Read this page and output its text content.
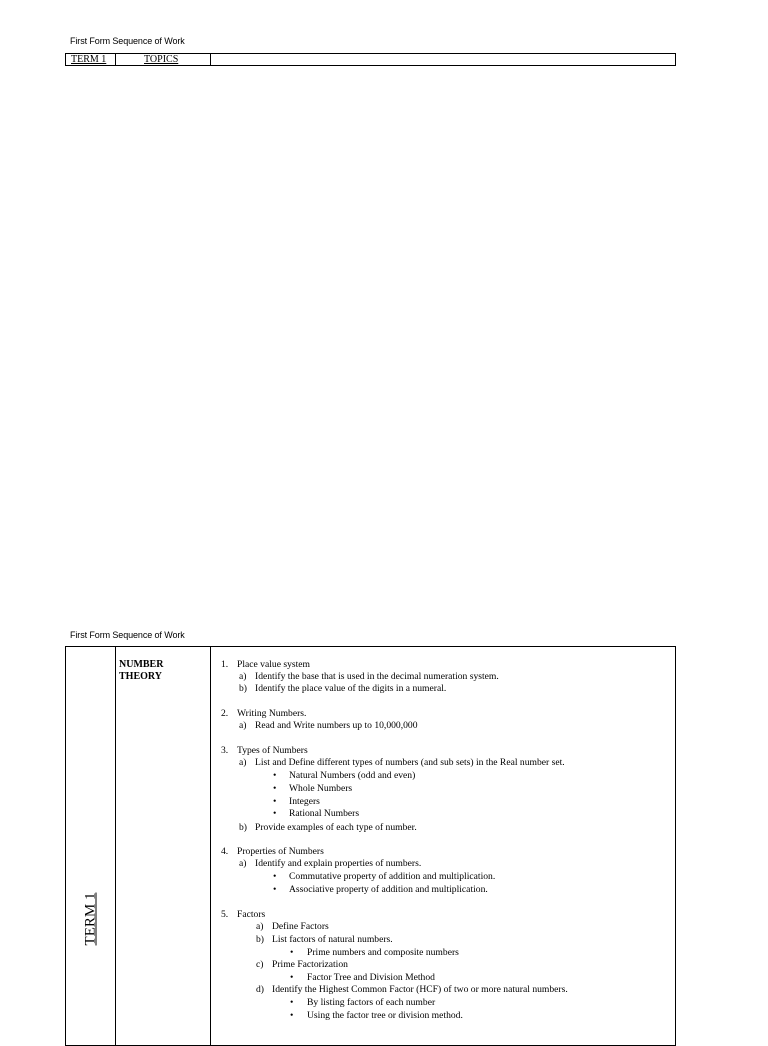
First Form Sequence of Work
TERM 1	TOPICS
First Form Sequence of Work
TERM 1
NUMBER
THEORY
1. Place value system
a) Identify the base that is used in the decimal numeration system.
b) Identify the place value of the digits in a numeral.
2. Writing Numbers.
a) Read and Write numbers up to 10,000,000
3. Types of Numbers
a) List and Define different types of numbers (and sub sets) in the Real number set.
• Natural Numbers (odd and even)
• Whole Numbers
• Integers
• Rational Numbers
b) Provide examples of each type of number.
4. Properties of Numbers
a) Identify and explain properties of numbers.
• Commutative property of addition and multiplication.
• Associative property of addition and multiplication.
5. Factors
a) Define Factors
b) List factors of natural numbers.
• Prime numbers and composite numbers
c) Prime Factorization
• Factor Tree and Division Method
d) Identify the Highest Common Factor (HCF) of two or more natural numbers.
• By listing factors of each number
• Using the factor tree or division method.
